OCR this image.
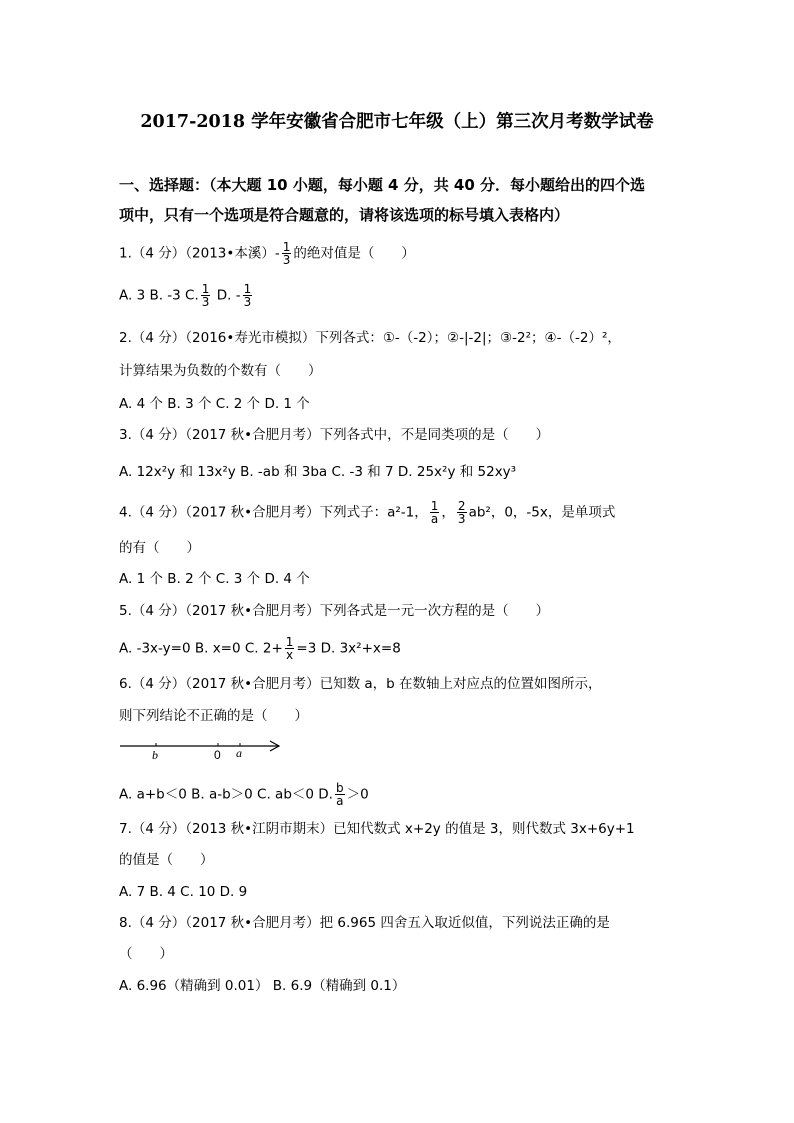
2017-2018 学年安徽省合肥市七年级（上）第三次月考数学试卷
一、选择题：（本大题 10 小题，每小题 4 分，共 40 分．每小题给出的四个选
项中，只有一个选项是符合题意的，请将该选项的标号填入表格内）
1.（4 分）（2013•本溪）- $\frac{1}{3}$ 的绝对值是（　　）
A. 3 B. -3 C. $\frac{1}{3} D$. - $\frac{1}{3}$
2.（4 分）（2016•寿光市模拟）下列各式：①-（-2）；②-|-2|；③-2²；④-（-2）²，
计算结果为负数的个数有（　　）
A. 4 个 B. 3 个 C. 2 个 D. 1 个
3.（4 分）（2017 秋•合肥月考）下列各式中，不是同类项的是（　　）
A. 12x²y 和 13x²y B. -ab 和 3ba C. -3 和 7 D. 25x²y 和 52xy³
4.（4 分）（2017 秋•合肥月考）下列式子：a²-1， $\frac{1}{a}$ ， $\frac{2}{3} ab^2$，0，-5x，是单项式
的有（　　）
A. 1 个 B. 2 个 C. 3 个 D. 4 个
5.（4 分）（2017 秋•合肥月考）下列各式是一元一次方程的是（　　）
A. -3x-y=0 B. x=0 C. $2+ \frac{1}{x} =3$ D. 3x²+x=8
6.（4 分）（2017 秋•合肥月考）已知数 a，b 在数轴上对应点的位置如图所示，
则下列结论不正确的是（　　）
b	0 a
A. a+b＜0 B. a-b＞0 C. ab＜0 D. $\frac{b}{a} >0$
7.（4 分）（2013 秋•江阴市期末）已知代数式 x+2y 的值是 3，则代数式 3x+6y+1
的值是（　　）
A. 7 B. 4 C. 10 D. 9
8.（4 分）（2017 秋•合肥月考）把 6.965 四舍五入取近似值，下列说法正确的是
（　　）
A. 6.96（精确到 0.01） B. 6.9（精确到 0.1）
